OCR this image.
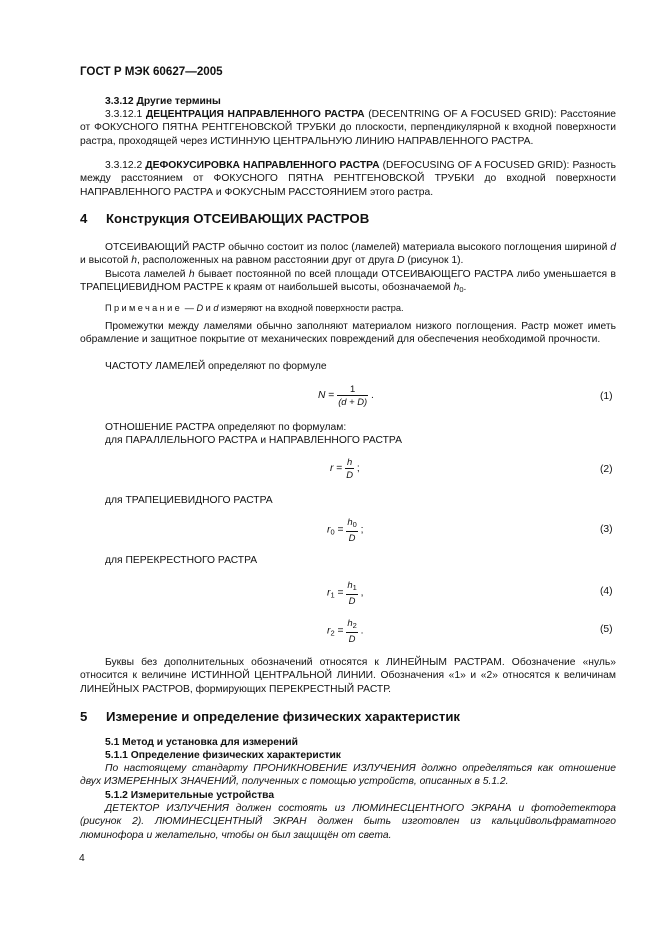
ГОСТ Р МЭК 60627—2005
3.3.12 Другие термины
3.3.12.1 ДЕЦЕНТРАЦИЯ НАПРАВЛЕННОГО РАСТРА (DECENTRING OF A FOCUSED GRID): Расстояние от ФОКУСНОГО ПЯТНА РЕНТГЕНОВСКОЙ ТРУБКИ до плоскости, перпендикулярной к входной поверхности растра, проходящей через ИСТИННУЮ ЦЕНТРАЛЬНУЮ ЛИНИЮ НАПРАВЛЕННОГО РАСТРА.
3.3.12.2 ДЕФОКУСИРОВКА НАПРАВЛЕННОГО РАСТРА (DEFOCUSING OF A FOCUSED GRID): Разность между расстоянием от ФОКУСНОГО ПЯТНА РЕНТГЕНОВСКОЙ ТРУБКИ до входной поверхности НАПРАВЛЕННОГО РАСТРА и ФОКУСНЫМ РАССТОЯНИЕМ этого растра.
4 Конструкция ОТСЕИВАЮЩИХ РАСТРОВ
ОТСЕИВАЮЩИЙ РАСТР обычно состоит из полос (ламелей) материала высокого поглощения шириной d и высотой h, расположенных на равном расстоянии друг от друга D (рисунок 1).
Высота ламелей h бывает постоянной по всей площади ОТСЕИВАЮЩЕГО РАСТРА либо уменьшается в ТРАПЕЦИЕВИДНОМ РАСТРЕ к краям от наибольшей высоты, обозначаемой $h_0$.
Примечание — D и d измеряют на входной поверхности растра.
Промежутки между ламелями обычно заполняют материалом низкого поглощения. Растр может иметь обрамление и защитное покрытие от механических повреждений для обеспечения необходимой прочности.
ЧАСТОТУ ЛАМЕЛЕЙ определяют по формуле
$N = \frac{1}{(d + D)}$ .	(1)
ОТНОШЕНИЕ РАСТРА определяют по формулам:
для ПАРАЛЛЕЛЬНОГО РАСТРА и НАПРАВЛЕННОГО РАСТРА
$r = \frac{h}{D}$ ;	(2)
для ТРАПЕЦИЕВИДНОГО РАСТРА
$r_0 = \frac{h_0}{D}$ ;	(3)
для ПЕРЕКРЕСТНОГО РАСТРА
$r_1 = \frac{h_1}{D}$ ,	(4)
$r_2 = \frac{h_2}{D}$ .	(5)
Буквы без дополнительных обозначений относятся к ЛИНЕЙНЫМ РАСТРАМ. Обозначение «нуль» относится к величине ИСТИННОЙ ЦЕНТРАЛЬНОЙ ЛИНИИ. Обозначения «1» и «2» относятся к величинам ЛИНЕЙНЫХ РАСТРОВ, формирующих ПЕРЕКРЕСТНЫЙ РАСТР.
5 Измерение и определение физических характеристик
5.1 Метод и установка для измерений
5.1.1 Определение физических характеристик
По настоящему стандарту ПРОНИКНОВЕНИЕ ИЗЛУЧЕНИЯ должно определяться как отношение двух ИЗМЕРЕННЫХ ЗНАЧЕНИЙ, полученных с помощью устройств, описанных в 5.1.2.
5.1.2 Измерительные устройства
ДЕТЕКТОР ИЗЛУЧЕНИЯ должен состоять из ЛЮМИНЕСЦЕНТНОГО ЭКРАНА и фотодетектора (рисунок 2). ЛЮМИНЕСЦЕНТНЫЙ ЭКРАН должен быть изготовлен из кальцийвольфраматного люминофора и желательно, чтобы он был защищён от света.
4
